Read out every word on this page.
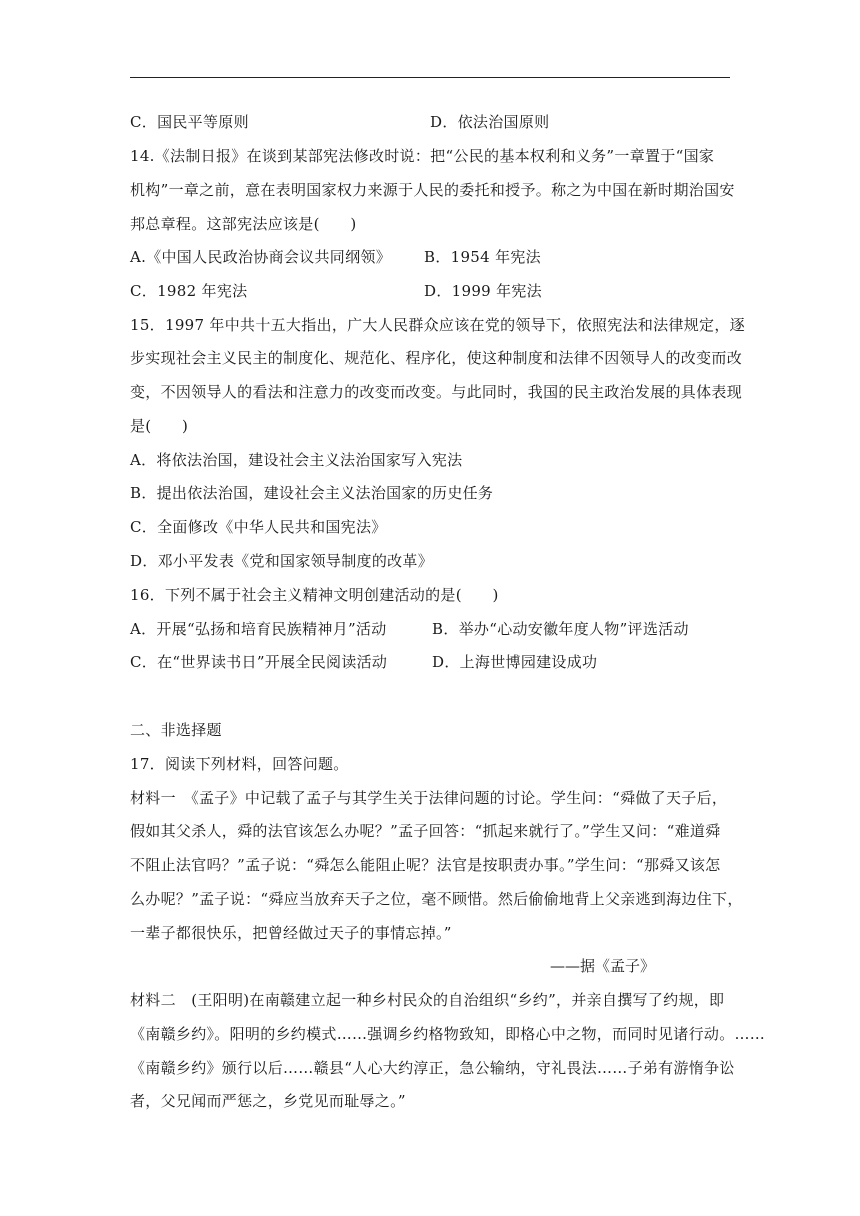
C．国民平等原则	D．依法治国原则
14.《法制日报》在谈到某部宪法修改时说：把“公民的基本权利和义务”一章置于“国家
机构”一章之前，意在表明国家权力来源于人民的委托和授予。称之为中国在新时期治国安
邦总章程。这部宪法应该是(　　)
A.《中国人民政治协商会议共同纲领》 B．1954 年宪法
C．1982 年宪法	D．1999 年宪法
15．1997 年中共十五大指出，广大人民群众应该在党的领导下，依照宪法和法律规定，逐
步实现社会主义民主的制度化、规范化、程序化，使这种制度和法律不因领导人的改变而改
变，不因领导人的看法和注意力的改变而改变。与此同时，我国的民主政治发展的具体表现
是(　　)
A．将依法治国，建设社会主义法治国家写入宪法
B．提出依法治国，建设社会主义法治国家的历史任务
C．全面修改《中华人民共和国宪法》
D．邓小平发表《党和国家领导制度的改革》
16．下列不属于社会主义精神文明创建活动的是(　　)
A．开展“弘扬和培育民族精神月”活动	B．举办“心动安徽年度人物”评选活动
C．在“世界读书日”开展全民阅读活动	D．上海世博园建设成功
二、非选择题
17．阅读下列材料，回答问题。
材料一　《孟子》中记载了孟子与其学生关于法律问题的讨论。学生问：“舜做了天子后，
假如其父杀人，舜的法官该怎么办呢？”孟子回答：“抓起来就行了。”学生又问：“难道舜
不阻止法官吗？”孟子说：“舜怎么能阻止呢？法官是按职责办事。”学生问：“那舜又该怎
么办呢？”孟子说：“舜应当放弃天子之位，毫不顾惜。然后偷偷地背上父亲逃到海边住下，
一辈子都很快乐，把曾经做过天子的事情忘掉。”
——据《孟子》
材料二　(王阳明)在南赣建立起一种乡村民众的自治组织“乡约”，并亲自撰写了约规，即
《南赣乡约》。阳明的乡约模式……强调乡约格物致知，即格心中之物，而同时见诸行动。……
《南赣乡约》颁行以后……赣县“人心大约淳正，急公输纳，守礼畏法……子弟有游惰争讼
者，父兄闻而严惩之，乡党见而耻辱之。”
